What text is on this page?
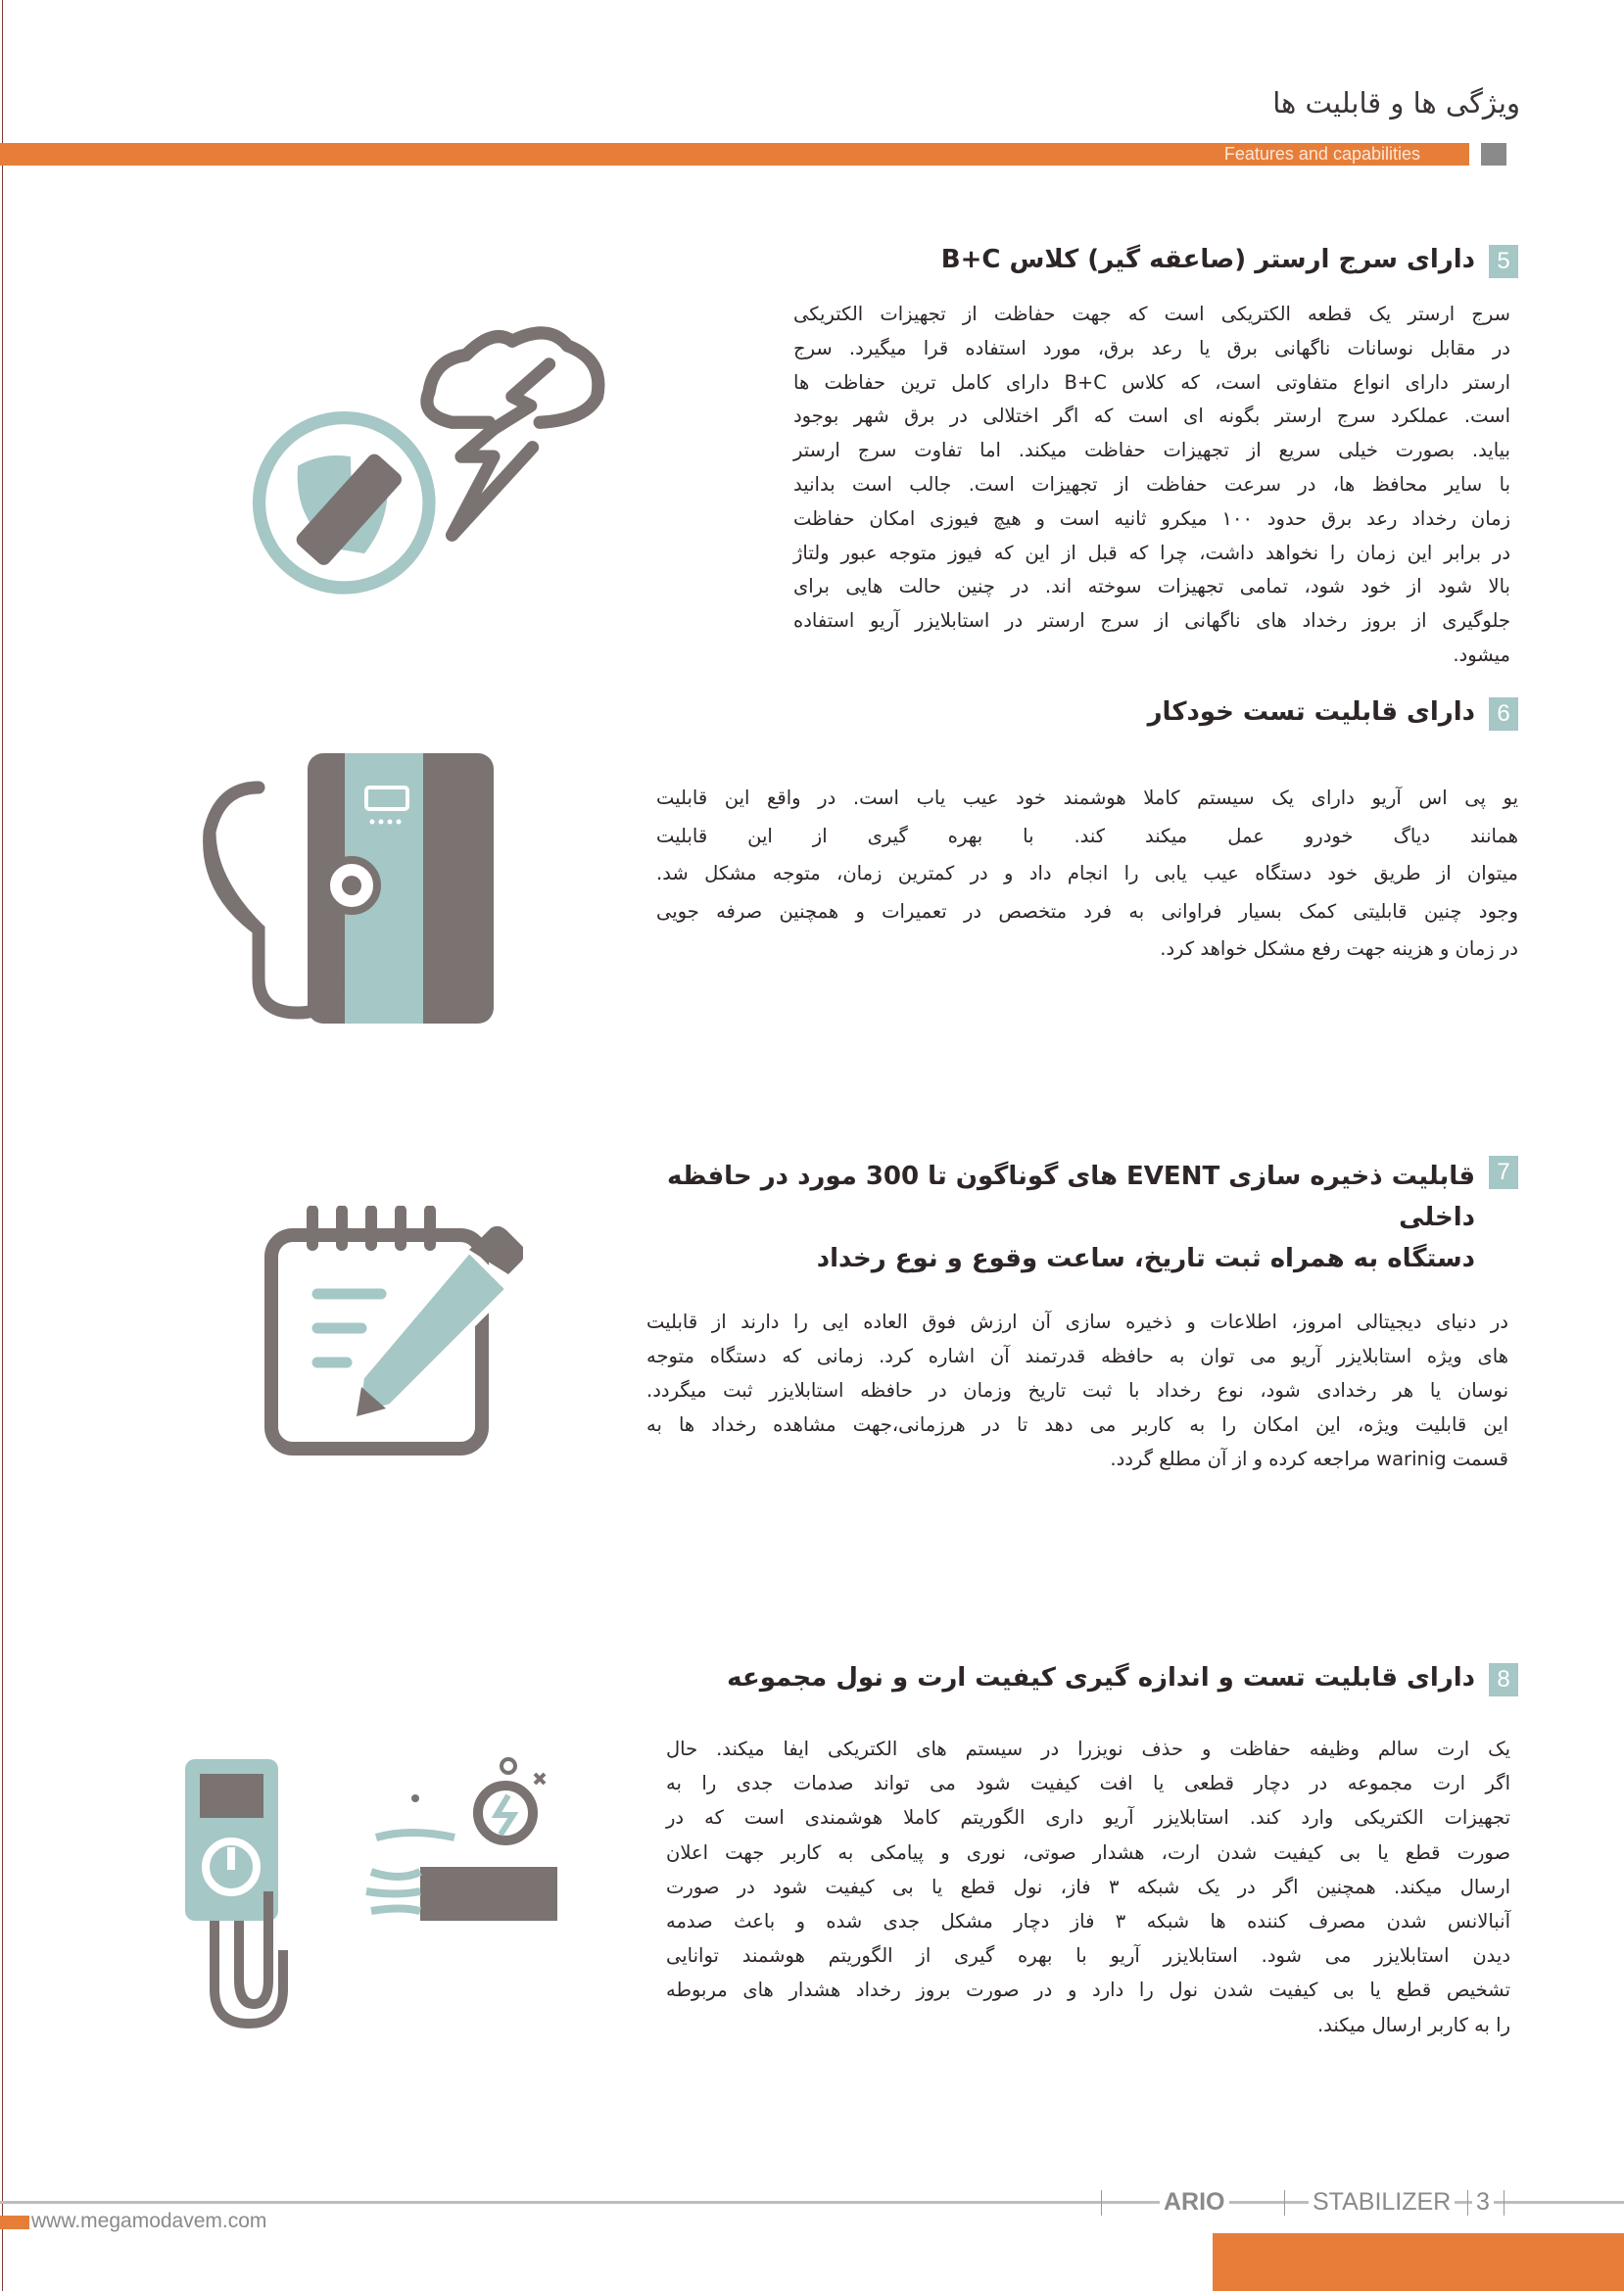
ویژگی ها و قابلیت ها
Features and capabilities
5
دارای سرج ارستر (صاعقه گیر) کلاس B+C
سرج ارستر یک قطعه الکتریکی است که جهت حفاظت از تجهیزات الکتریکی
در مقابل نوسانات ناگهانی برق یا رعد برق، مورد استفاده قرا میگیرد. سرج
ارستر دارای انواع متفاوتی است، که کلاس B+C دارای کامل ترین حفاظت ها
است. عملکرد سرج ارستر بگونه ای است که اگر اختلالی در برق شهر بوجود
بیاید. بصورت خیلی سریع از تجهیزات حفاظت میکند. اما تفاوت سرج ارستر
با سایر محافظ ها، در سرعت حفاظت از تجهیزات است. جالب است بدانید
زمان رخداد رعد برق حدود ۱۰۰ میکرو ثانیه است و هیچ فیوزی امکان حفاظت
در برابر این زمان را نخواهد داشت، چرا که قبل از این که فیوز متوجه عبور ولتاژ
بالا شود از خود شود، تمامی تجهیزات سوخته اند. در چنین حالت هایی برای
جلوگیری از بروز رخداد های ناگهانی از سرج ارستر در استابلایزر آریو استفاده
میشود.
6
دارای قابلیت تست خودکار
یو پی اس آریو دارای یک سیستم کاملا هوشمند خود عیب یاب است. در واقع این قابلیت
همانند دیاگ خودرو عمل میکند کند. با بهره گیری از این قابلیت
میتوان از طریق خود دستگاه عیب یابی را انجام داد و در کمترین زمان، متوجه مشکل شد.
وجود چنین قابلیتی کمک بسیار فراوانی به فرد متخصص در تعمیرات و همچنین صرفه جویی
در زمان و هزینه جهت رفع مشکل خواهد کرد.
7
قابلیت ذخیره سازی EVENT های گوناگون تا 300 مورد در حافظه داخلی
دستگاه به همراه ثبت تاریخ، ساعت وقوع و نوع رخداد
در دنیای دیجیتالی امروز، اطلاعات و ذخیره سازی آن ارزش فوق العاده ایی را دارند از قابلیت
های ویژه استابلایزر آریو می توان به حافظه قدرتمند آن اشاره کرد. زمانی که دستگاه متوجه
نوسان یا هر رخدادی شود، نوع رخداد با ثبت تاریخ وزمان در حافظه استابلایزر ثبت میگردد.
این قابلیت ویژه، این امکان را به کاربر می دهد تا در هرزمانی،جهت مشاهده رخداد ها به
قسمت warinig مراجعه کرده و از آن مطلع گردد.
8
دارای قابلیت تست و اندازه گیری کیفیت ارت و نول مجموعه
یک ارت سالم وظیفه حفاظت و حذف نویزرا در سیستم های الکتریکی ایفا میکند. حال
اگر ارت مجموعه در دچار قطعی یا افت کیفیت شود می تواند صدمات جدی را به
تجهیزات الکتریکی وارد کند. استابلایزر آریو داری الگوریتم کاملا هوشمندی است که در
صورت قطع یا بی کیفیت شدن ارت، هشدار صوتی، نوری و پیامکی به کاربر جهت اعلان
ارسال میکند. همچنین اگر در یک شبکه ۳ فاز، نول قطع یا بی کیفیت شود در صورت
آنبالانس شدن مصرف کننده ها شبکه ۳ فاز دچار مشکل جدی شده و باعث صدمه
دیدن استابلایزر می شود. استابلایزر آریو با بهره گیری از الگوریتم هوشمند توانایی
تشخیص قطع یا بی کیفیت شدن نول را دارد و در صورت بروز رخداد هشدار های مربوطه
را به کاربر ارسال میکند.
ARIO	STABILIZER 3
www.megamodavem.com
